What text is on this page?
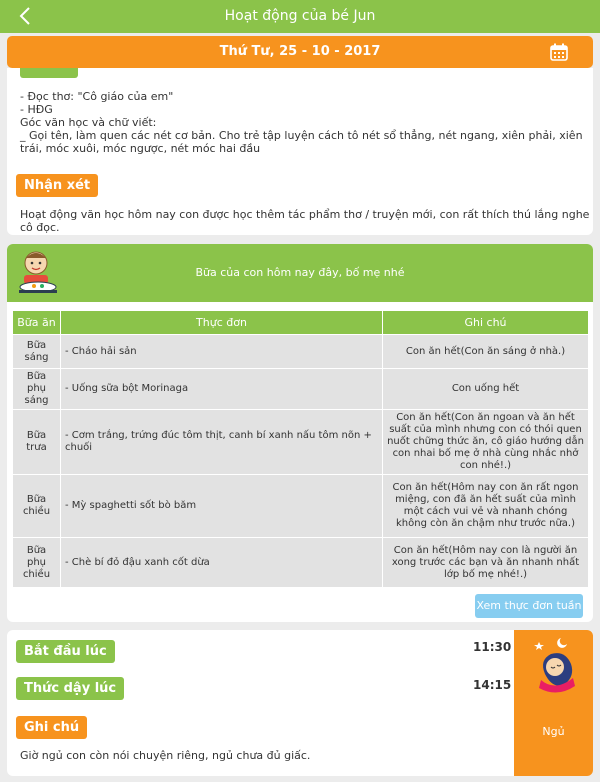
Hoạt động của bé Jun
Thứ Tư, 25 - 10 - 2017
- Đọc thơ: "Cô giáo của em"
- HĐG
Góc văn học và chữ viết:
_ Gọi tên, làm quen các nét cơ bản. Cho trẻ tập luyện cách tô nét sổ thẳng, nét ngang, xiên phải, xiên trái, móc xuôi, móc ngược, nét móc hai đầu
Nhận xét
Hoạt động văn học hôm nay con được học thêm tác phẩm thơ / truyện mới, con rất thích thú lắng nghe cô đọc.
Bữa của con hôm nay đây, bố mẹ nhé
Bữa ăn	Thực đơn	Ghi chú
Bữa sáng	- Cháo hải sản	Con ăn hết(Con ăn sáng ở nhà.)
Bữa phụ sáng	- Uống sữa bột Morinaga	Con uống hết
Bữa trưa	- Cơm trắng, trứng đúc tôm thịt, canh bí xanh nấu tôm nõn + chuối	Con ăn hết(Con ăn ngoan và ăn hết suất của mình nhưng con có thói quen nuốt chững thức ăn, cô giáo hướng dẫn con nhai bố mẹ ở nhà cùng nhắc nhở con nhé!.)
Bữa chiều	- Mỳ spaghetti sốt bò băm	Con ăn hết(Hôm nay con ăn rất ngon miệng, con đã ăn hết suất của mình một cách vui vẻ và nhanh chóng không còn ăn chậm như trước nữa.)
Bữa phụ chiều	- Chè bí đỏ đậu xanh cốt dừa	Con ăn hết(Hôm nay con là người ăn xong trước các bạn và ăn nhanh nhất lớp bố mẹ nhé!.)
Xem thực đơn tuần
Bắt đầu lúc	11:30
Thức dậy lúc	14:15
Ghi chú
Giờ ngủ con còn nói chuyện riêng, ngủ chưa đủ giấc.
Ngủ
